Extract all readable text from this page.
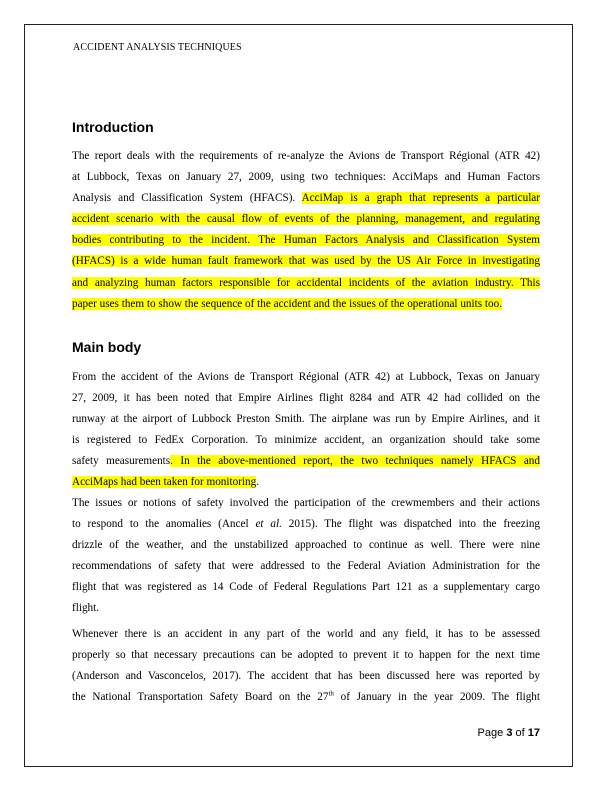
ACCIDENT ANALYSIS TECHNIQUES
Introduction
The report deals with the requirements of re-analyze the Avions de Transport Régional (ATR 42)
at Lubbock, Texas on January 27, 2009, using two techniques: AcciMaps and Human Factors
Analysis and Classification System (HFACS). AcciMap is a graph that represents a particular
accident scenario with the causal flow of events of the planning, management, and regulating
bodies contributing to the incident. The Human Factors Analysis and Classification System
(HFACS) is a wide human fault framework that was used by the US Air Force in investigating
and analyzing human factors responsible for accidental incidents of the aviation industry. This
paper uses them to show the sequence of the accident and the issues of the operational units too.
Main body
From the accident of the Avions de Transport Régional (ATR 42) at Lubbock, Texas on January
27, 2009, it has been noted that Empire Airlines flight 8284 and ATR 42 had collided on the
runway at the airport of Lubbock Preston Smith. The airplane was run by Empire Airlines, and it
is registered to FedEx Corporation. To minimize accident, an organization should take some
safety measurements. In the above-mentioned report, the two techniques namely HFACS and
AcciMaps had been taken for monitoring.
The issues or notions of safety involved the participation of the crewmembers and their actions
to respond to the anomalies (Ancel et al. 2015). The flight was dispatched into the freezing
drizzle of the weather, and the unstabilized approached to continue as well. There were nine
recommendations of safety that were addressed to the Federal Aviation Administration for the
flight that was registered as 14 Code of Federal Regulations Part 121 as a supplementary cargo
flight.
Whenever there is an accident in any part of the world and any field, it has to be assessed
properly so that necessary precautions can be adopted to prevent it to happen for the next time
(Anderson and Vasconcelos, 2017). The accident that has been discussed here was reported by
the National Transportation Safety Board on the 27th of January in the year 2009. The flight
Page 3 of 17
